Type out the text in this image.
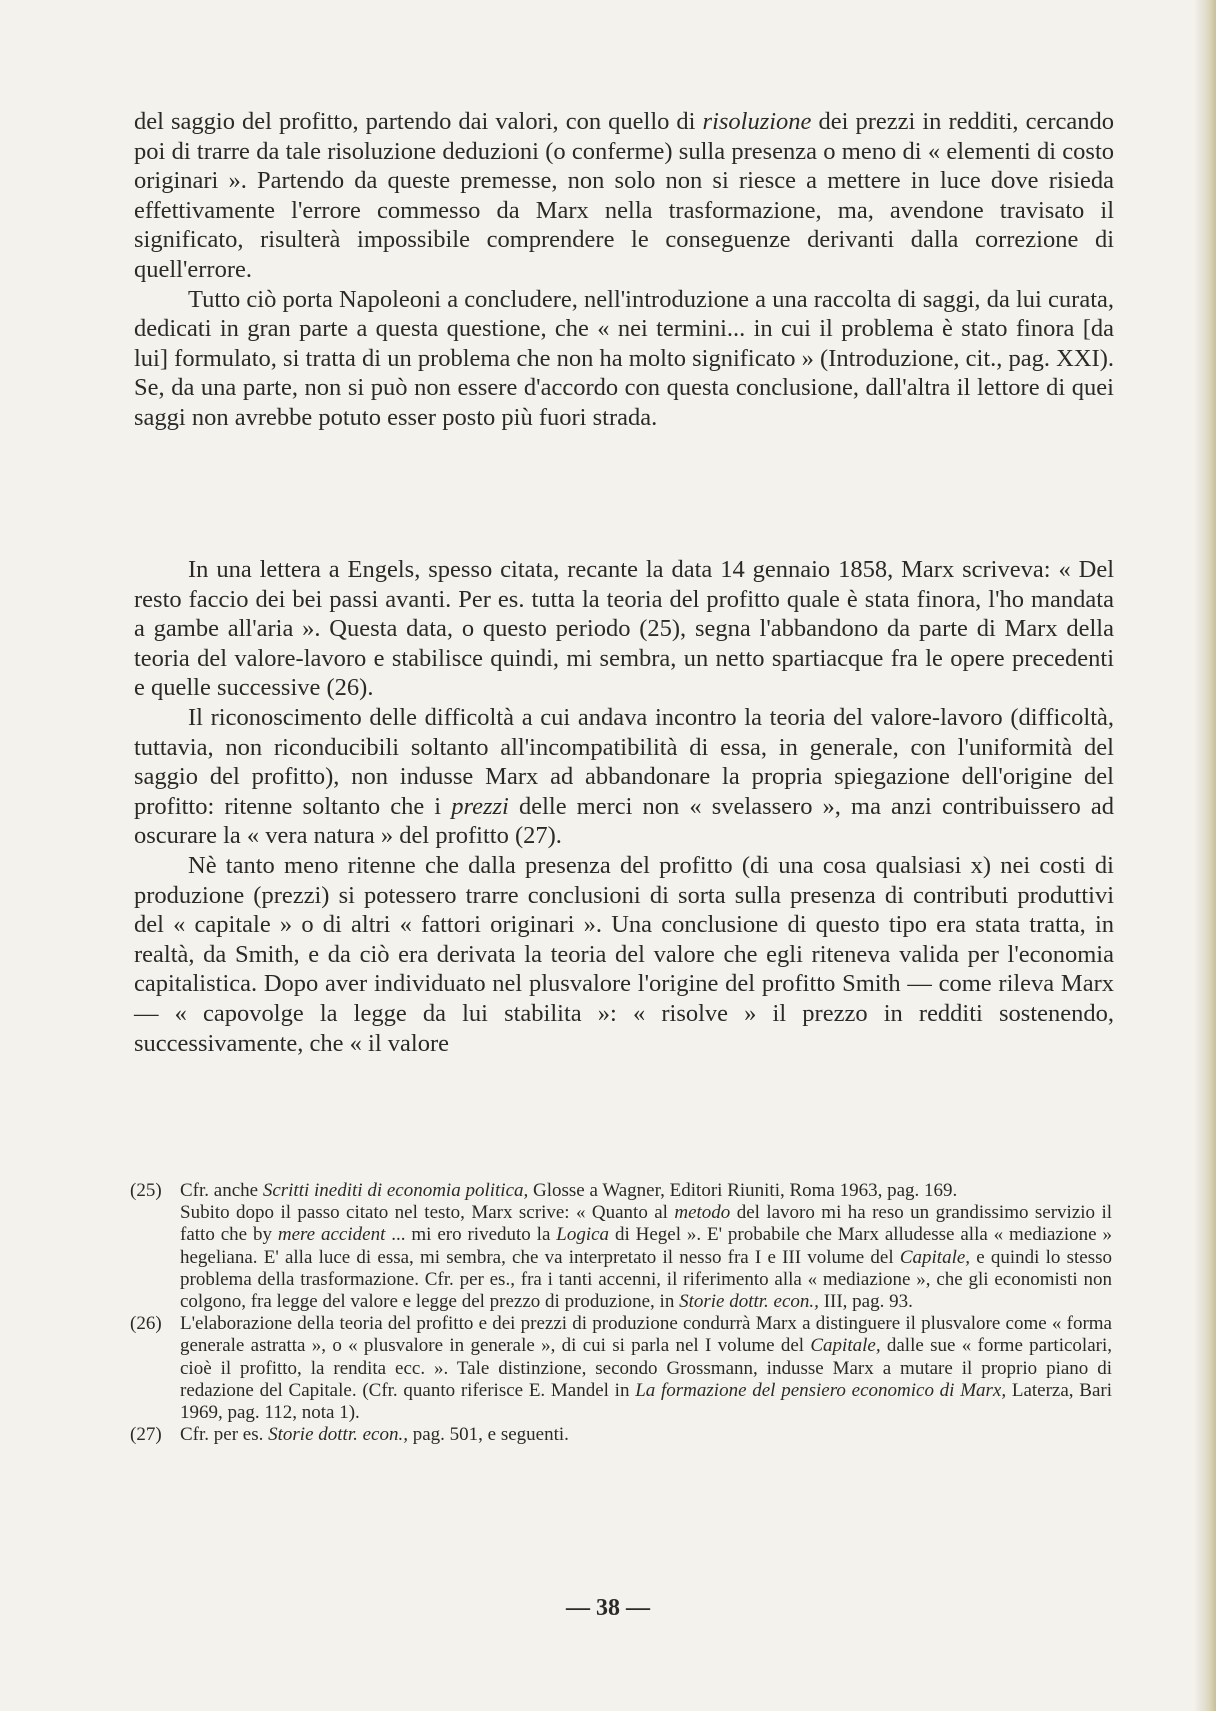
del saggio del profitto, partendo dai valori, con quello di risoluzione dei prezzi in redditi, cercando poi di trarre da tale risoluzione deduzioni (o conferme) sulla presenza o meno di « elementi di costo originari ». Partendo da queste premesse, non solo non si riesce a mettere in luce dove risieda effettivamente l'errore commesso da Marx nella trasformazione, ma, avendone travisato il significato, risulterà impossibile comprendere le conseguenze derivanti dalla correzione di quell'errore.

Tutto ciò porta Napoleoni a concludere, nell'introduzione a una raccolta di saggi, da lui curata, dedicati in gran parte a questa questione, che « nei termini... in cui il problema è stato finora [da lui] formulato, si tratta di un problema che non ha molto significato » (Introduzione, cit., pag. XXI). Se, da una parte, non si può non essere d'accordo con questa conclusione, dall'altra il lettore di quei saggi non avrebbe potuto esser posto più fuori strada.

In una lettera a Engels, spesso citata, recante la data 14 gennaio 1858, Marx scriveva: « Del resto faccio dei bei passi avanti. Per es. tutta la teoria del profitto quale è stata finora, l'ho mandata a gambe all'aria ». Questa data, o questo periodo (25), segna l'abbandono da parte di Marx della teoria del valore-lavoro e stabilisce quindi, mi sembra, un netto spartiacque fra le opere precedenti e quelle successive (26).

Il riconoscimento delle difficoltà a cui andava incontro la teoria del valore-lavoro (difficoltà, tuttavia, non riconducibili soltanto all'incompatibilità di essa, in generale, con l'uniformità del saggio del profitto), non indusse Marx ad abbandonare la propria spiegazione dell'origine del profitto: ritenne soltanto che i prezzi delle merci non « svelassero », ma anzi contribuissero ad oscurare la « vera natura » del profitto (27).

Nè tanto meno ritenne che dalla presenza del profitto (di una cosa qualsiasi x) nei costi di produzione (prezzi) si potessero trarre conclusioni di sorta sulla presenza di contributi produttivi del « capitale » o di altri « fattori originari ». Una conclusione di questo tipo era stata tratta, in realtà, da Smith, e da ciò era derivata la teoria del valore che egli riteneva valida per l'economia capitalistica. Dopo aver individuato nel plusvalore l'origine del profitto Smith — come rileva Marx — « capovolge la legge da lui stabilita »: « risolve » il prezzo in redditi sostenendo, successivamente, che « il valore

(25) Cfr. anche Scritti inediti di economia politica, Glosse a Wagner, Editori Riuniti, Roma 1963, pag. 169.

Subito dopo il passo citato nel testo, Marx scrive: « Quanto al metodo del lavoro mi ha reso un grandissimo servizio il fatto che by mere accident ... mi ero riveduto la Logica di Hegel ». E' probabile che Marx alludesse alla « mediazione » hegeliana. E' alla luce di essa, mi sembra, che va interpretato il nesso fra I e III volume del Capitale, e quindi lo stesso problema della trasformazione. Cfr. per es., fra i tanti accenni, il riferimento alla « mediazione », che gli economisti non colgono, fra legge del valore e legge del prezzo di produzione, in Storie dottr. econ., III, pag. 93.

(26) L'elaborazione della teoria del profitto e dei prezzi di produzione condurrà Marx a distinguere il plusvalore come « forma generale astratta », o « plusvalore in generale », di cui si parla nel I volume del Capitale, dalle sue « forme particolari, cioè il profitto, la rendita ecc. ». Tale distinzione, secondo Grossmann, indusse Marx a mutare il proprio piano di redazione del Capitale. (Cfr. quanto riferisce E. Mandel in La formazione del pensiero economico di Marx, Laterza, Bari 1969, pag. 112, nota 1).

(27) Cfr. per es. Storie dottr. econ., pag. 501, e seguenti.

— 38 —
